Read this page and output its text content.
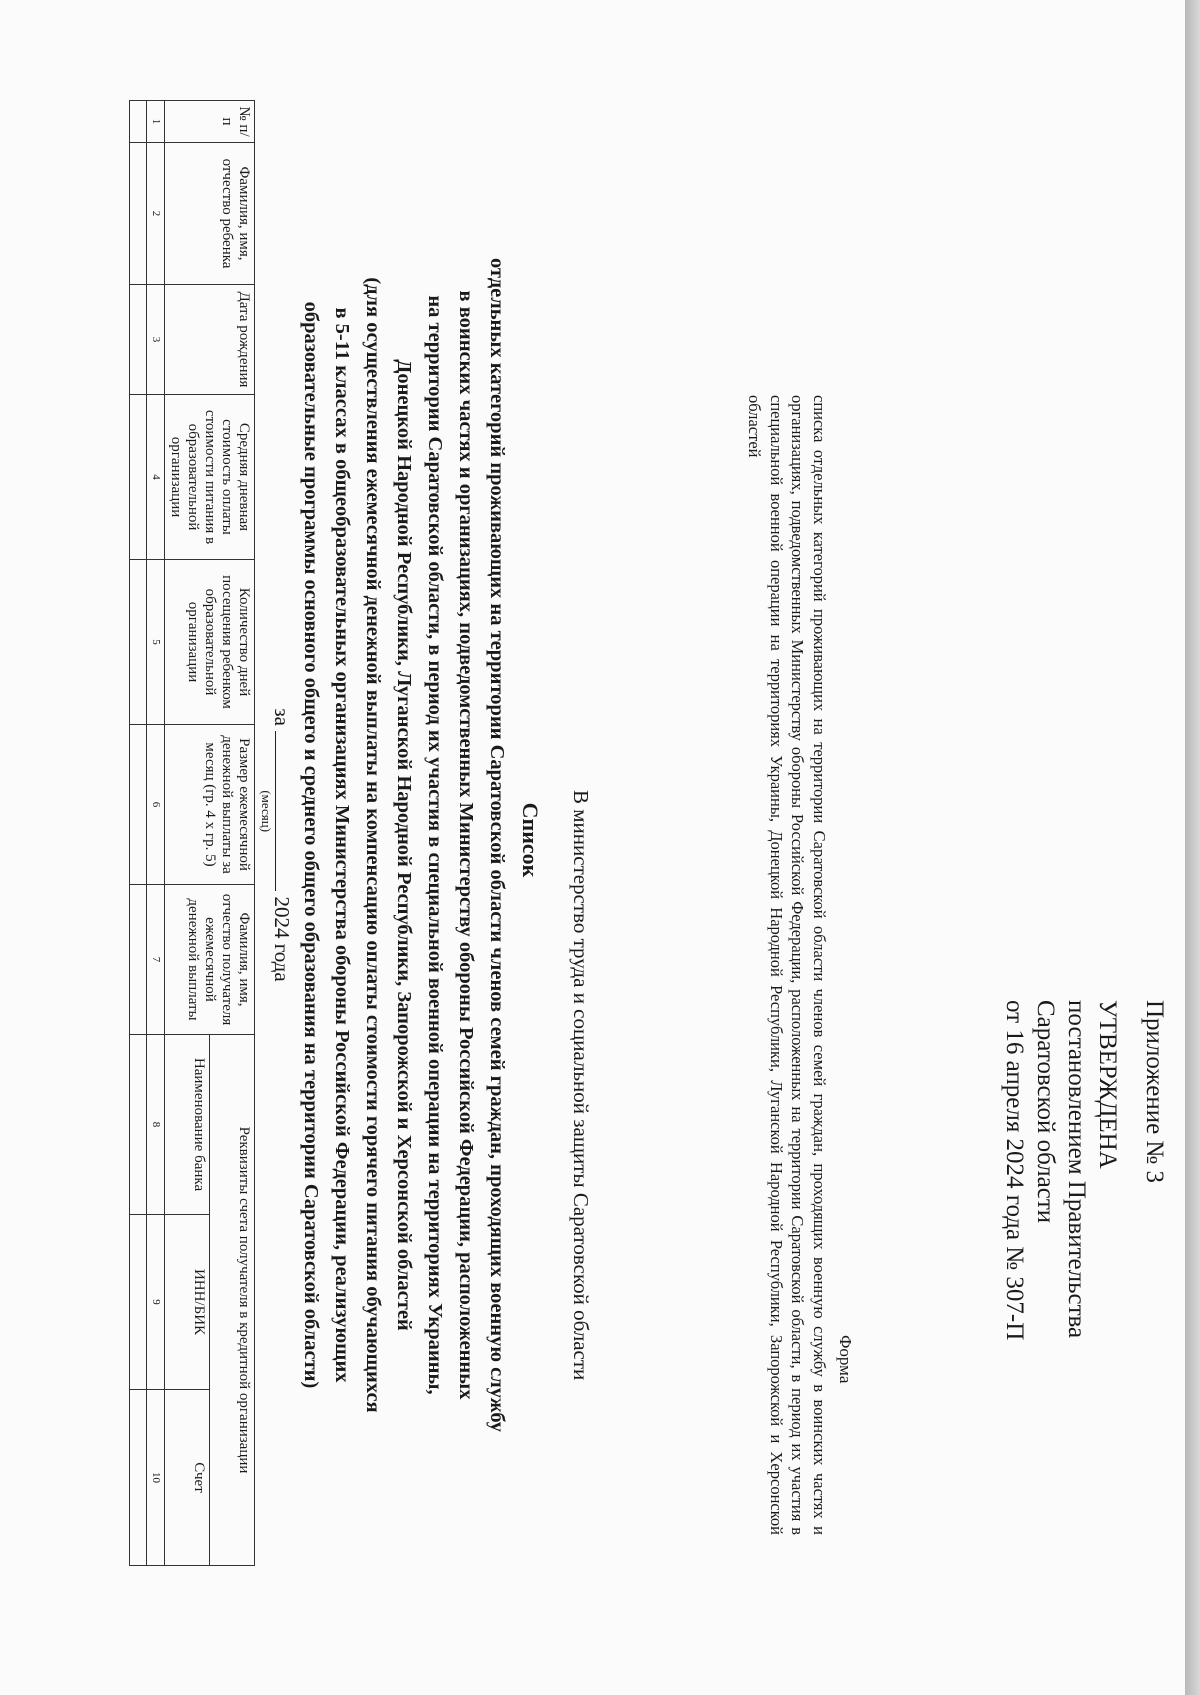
Приложение № 3
УТВЕРЖДЕНА
постановлением Правительства
Саратовской области
от 16 апреля 2024 года № 307-П
Форма
списка отдельных категорий проживающих на территории Саратовской области членов семей граждан, проходящих военную службу в воинских частях и организациях, подведомственных Министерству обороны Российской Федерации, расположенных на территории Саратовской области, в период их участия в специальной военной операции на территориях Украины, Донецкой Народной Республики, Луганской Народной Республики, Запорожской и Херсонской областей
В министерство труда и социальной защиты Саратовской области
Список
отдельных категорий проживающих на территории Саратовской области членов семей граждан, проходящих военную службу
в воинских частях и организациях, подведомственных Министерству обороны Российской Федерации, расположенных
на территории Саратовской области, в период их участия в специальной военной операции на территориях Украины,
Донецкой Народной Республики, Луганской Народной Республики, Запорожской и Херсонской областей
(для осуществления ежемесячной денежной выплаты на компенсацию оплаты стоимости горячего питания обучающихся
в 5-11 классах в общеобразовательных организациях Министерства обороны Российской Федерации, реализующих
образовательные программы основного общего и среднего общего образования на территории Саратовской области)
за
(месяц)
2024 года
№ п/п	Фамилия, имя, отчество ребенка	Дата рождения	Средняя дневная стоимость оплаты стоимости питания в образовательной организации	Количество дней посещения ребенком образовательной организации	Размер ежемесячной денежной выплаты за месяц (гр. 4 х гр. 5)	Фамилия, имя, отчество получателя ежемесячной денежной выплаты	Реквизиты счета получателя в кредитной организации		
							Наименование банка	ИНН/БИК	Счет
1	2	3	4	5	6	7	8	9	10
